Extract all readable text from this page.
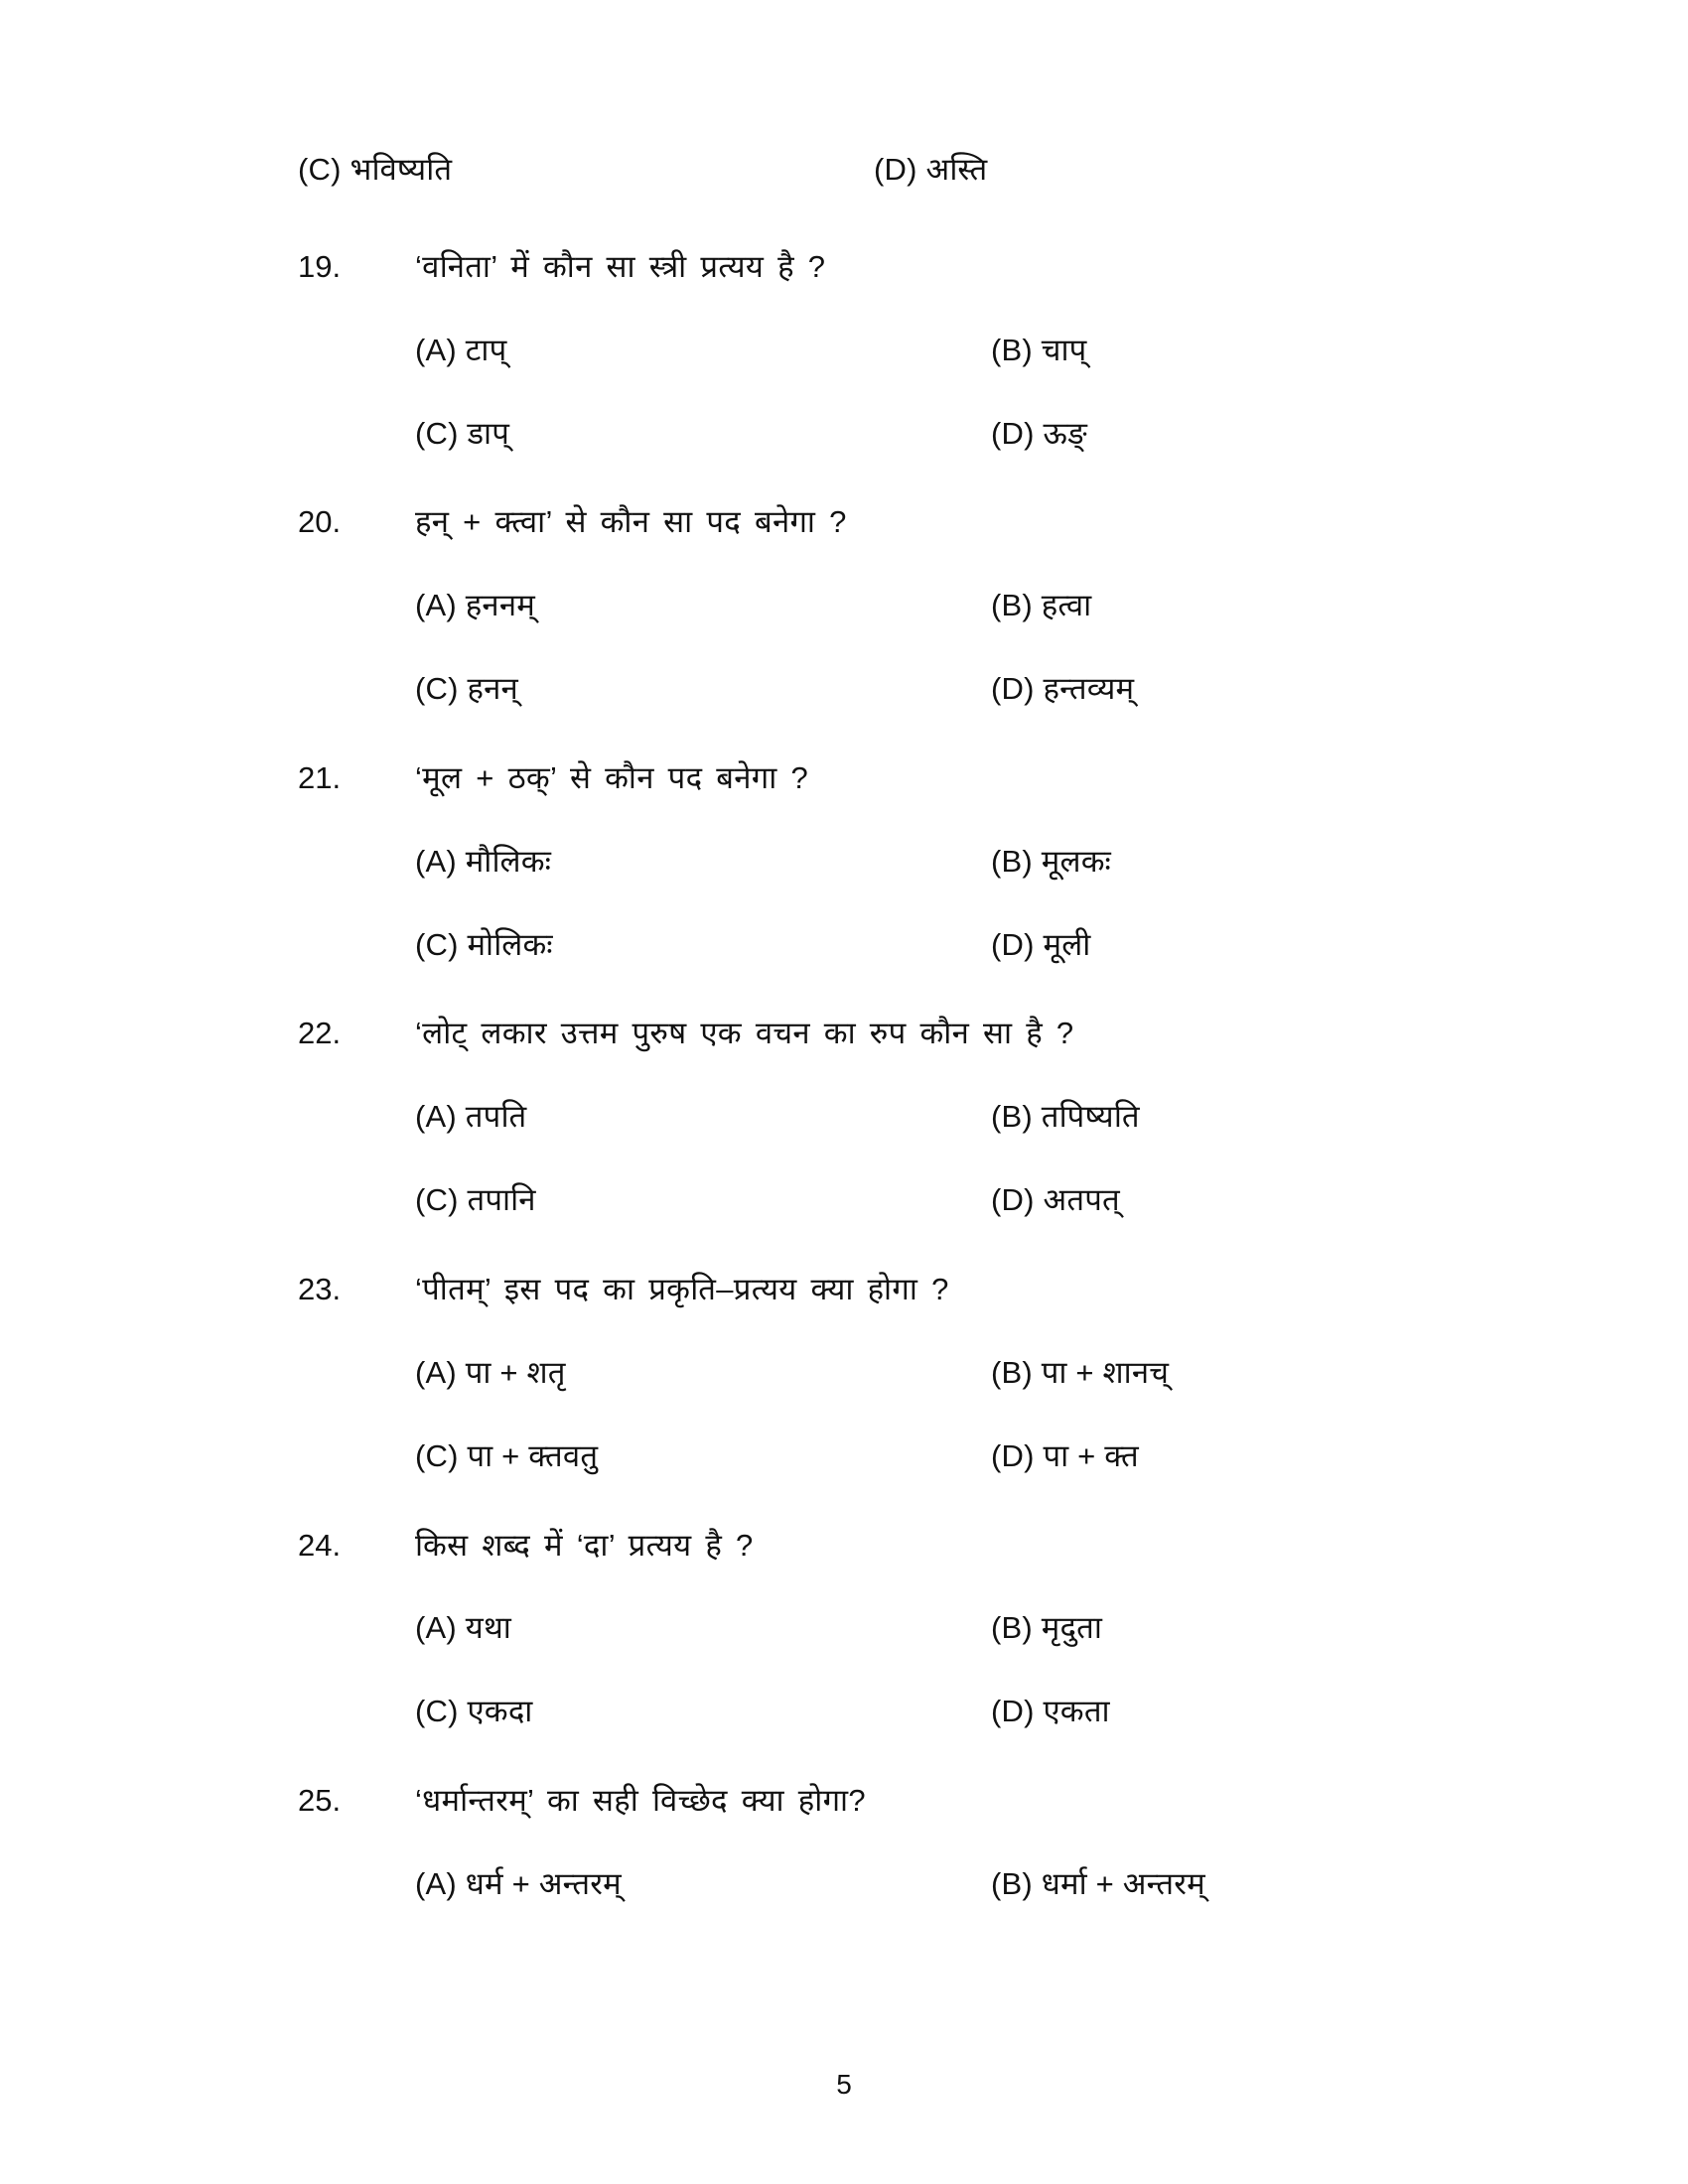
(C) भविष्यति	(D) अस्ति
19.	‘वनिता’ में कौन सा स्त्री प्रत्यय है ?
(A) टाप्	(B) चाप्
(C) डाप्	(D) ऊङ्
20.	हन् + क्त्वा’ से कौन सा पद बनेगा ?
(A) हननम्	(B) हत्वा
(C) हनन्	(D) हन्तव्यम्
21.	‘मूल + ठक्’ से कौन पद बनेगा ?
(A) मौलिकः	(B) मूलकः
(C) मोलिकः	(D) मूली
22.	‘लोट् लकार उत्तम पुरुष एक वचन का रुप कौन सा है ?
(A) तपति	(B) तपिष्यति
(C) तपानि	(D) अतपत्
23.	‘पीतम्’ इस पद का प्रकृति–प्रत्यय क्या होगा ?
(A) पा + शतृ	(B) पा + शानच्
(C) पा + क्तवतु	(D) पा + क्त
24.	किस शब्द में ‘दा’ प्रत्यय है ?
(A) यथा	(B) मृदुता
(C) एकदा	(D) एकता
25.	‘धर्मान्तरम्’ का सही विच्छेद क्या होगा?
(A) धर्म + अन्तरम्	(B) धर्मा + अन्तरम्
5
